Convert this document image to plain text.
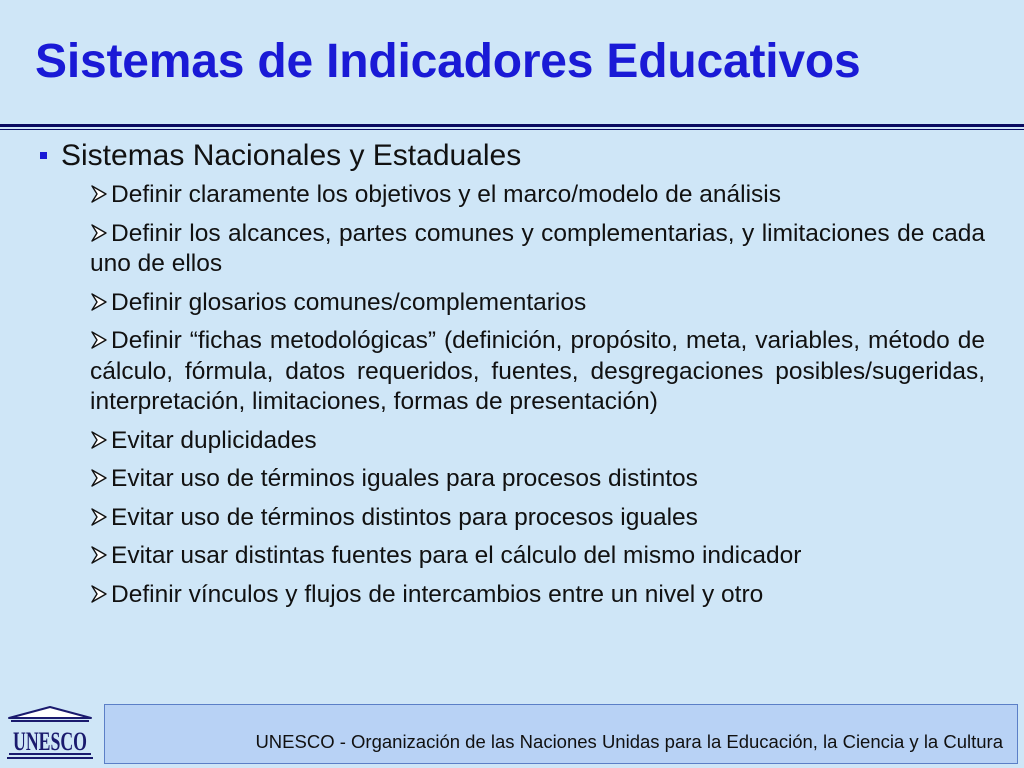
Sistemas de Indicadores Educativos
Sistemas Nacionales y Estaduales
Definir claramente los objetivos y el marco/modelo de análisis
Definir los alcances, partes comunes y complementarias, y limitaciones de cada uno de ellos
Definir glosarios comunes/complementarios
Definir “fichas metodológicas” (definición, propósito, meta, variables, método de cálculo, fórmula, datos requeridos, fuentes, desgregaciones posibles/sugeridas, interpretación, limitaciones, formas de presentación)
Evitar duplicidades
Evitar uso de términos iguales para procesos distintos
Evitar uso de términos distintos para procesos iguales
Evitar usar distintas fuentes para el cálculo del mismo indicador
Definir vínculos y flujos de intercambios entre un nivel y otro
UNESCO	UNESCO - Organización de las Naciones Unidas para la Educación, la Ciencia y la Cultura
